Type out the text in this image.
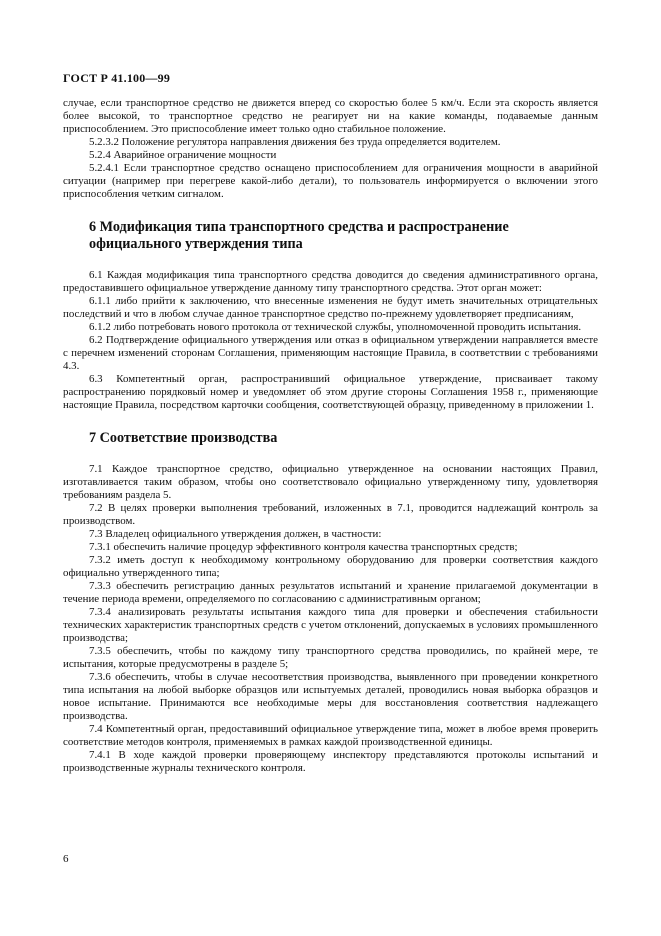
ГОСТ Р 41.100—99

случае, если транспортное средство не движется вперед со скоростью более 5 км/ч. Если эта скорость является более высокой, то транспортное средство не реагирует ни на какие команды, подаваемые данным приспособлением. Это приспособление имеет только одно стабильное положение.

5.2.3.2 Положение регулятора направления движения без труда определяется водителем.

5.2.4 Аварийное ограничение мощности

5.2.4.1 Если транспортное средство оснащено приспособлением для ограничения мощности в аварийной ситуации (например при перегреве какой-либо детали), то пользователь информируется о включении этого приспособления четким сигналом.

6 Модификация типа транспортного средства и распространение официального утверждения типа

6.1 Каждая модификация типа транспортного средства доводится до сведения административного органа, предоставившего официальное утверждение данному типу транспортного средства. Этот орган может:

6.1.1 либо прийти к заключению, что внесенные изменения не будут иметь значительных отрицательных последствий и что в любом случае данное транспортное средство по-прежнему удовлетворяет предписаниям,

6.1.2 либо потребовать нового протокола от технической службы, уполномоченной проводить испытания.

6.2 Подтверждение официального утверждения или отказ в официальном утверждении направляется вместе с перечнем изменений сторонам Соглашения, применяющим настоящие Правила, в соответствии с требованиями 4.3.

6.3 Компетентный орган, распространивший официальное утверждение, присваивает такому распространению порядковый номер и уведомляет об этом другие стороны Соглашения 1958 г., применяющие настоящие Правила, посредством карточки сообщения, соответствующей образцу, приведенному в приложении 1.

7 Соответствие производства

7.1 Каждое транспортное средство, официально утвержденное на основании настоящих Правил, изготавливается таким образом, чтобы оно соответствовало официально утвержденному типу, удовлетворяя требованиям раздела 5.

7.2 В целях проверки выполнения требований, изложенных в 7.1, проводится надлежащий контроль за производством.

7.3 Владелец официального утверждения должен, в частности:

7.3.1 обеспечить наличие процедур эффективного контроля качества транспортных средств;

7.3.2 иметь доступ к необходимому контрольному оборудованию для проверки соответствия каждого официально утвержденного типа;

7.3.3 обеспечить регистрацию данных результатов испытаний и хранение прилагаемой документации в течение периода времени, определяемого по согласованию с административным органом;

7.3.4 анализировать результаты испытания каждого типа для проверки и обеспечения стабильности технических характеристик транспортных средств с учетом отклонений, допускаемых в условиях промышленного производства;

7.3.5 обеспечить, чтобы по каждому типу транспортного средства проводились, по крайней мере, те испытания, которые предусмотрены в разделе 5;

7.3.6 обеспечить, чтобы в случае несоответствия производства, выявленного при проведении конкретного типа испытания на любой выборке образцов или испытуемых деталей, проводились новая выборка образцов и новое испытание. Принимаются все необходимые меры для восстановления соответствия надлежащего производства.

7.4 Компетентный орган, предоставивший официальное утверждение типа, может в любое время проверить соответствие методов контроля, применяемых в рамках каждой производственной единицы.

7.4.1 В ходе каждой проверки проверяющему инспектору представляются протоколы испытаний и производственные журналы технического контроля.

6
